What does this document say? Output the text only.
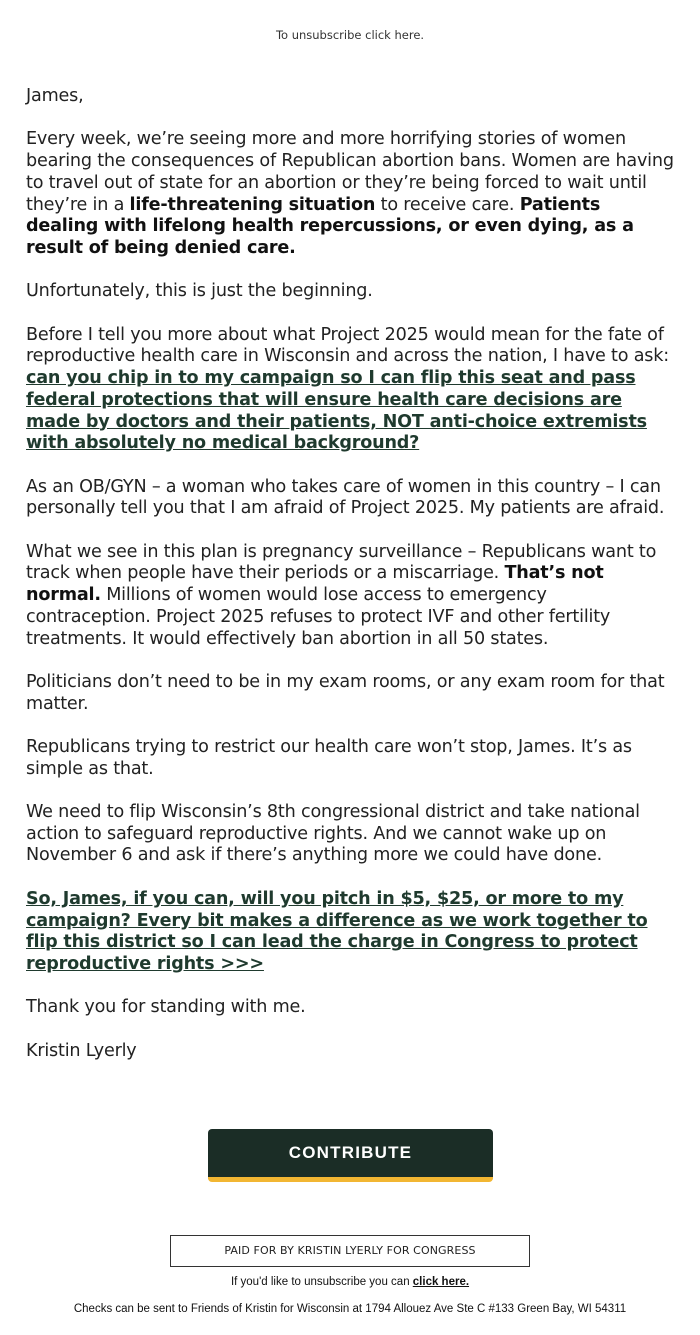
To unsubscribe click here.

James,

Every week, we’re seeing more and more horrifying stories of women bearing the consequences of Republican abortion bans. Women are having to travel out of state for an abortion or they’re being forced to wait until they’re in a life-threatening situation to receive care. Patients dealing with lifelong health repercussions, or even dying, as a result of being denied care.

Unfortunately, this is just the beginning.

Before I tell you more about what Project 2025 would mean for the fate of reproductive health care in Wisconsin and across the nation, I have to ask: can you chip in to my campaign so I can flip this seat and pass federal protections that will ensure health care decisions are made by doctors and their patients, NOT anti-choice extremists with absolutely no medical background?

As an OB/GYN – a woman who takes care of women in this country – I can personally tell you that I am afraid of Project 2025. My patients are afraid.

What we see in this plan is pregnancy surveillance – Republicans want to track when people have their periods or a miscarriage. That’s not normal. Millions of women would lose access to emergency contraception. Project 2025 refuses to protect IVF and other fertility treatments. It would effectively ban abortion in all 50 states.

Politicians don’t need to be in my exam rooms, or any exam room for that matter.

Republicans trying to restrict our health care won’t stop, James. It’s as simple as that.

We need to flip Wisconsin’s 8th congressional district and take national action to safeguard reproductive rights. And we cannot wake up on November 6 and ask if there’s anything more we could have done.

So, James, if you can, will you pitch in $5, $25, or more to my campaign? Every bit makes a difference as we work together to flip this district so I can lead the charge in Congress to protect reproductive rights >>>

Thank you for standing with me.

Kristin Lyerly

CONTRIBUTE
PAID FOR BY KRISTIN LYERLY FOR CONGRESS
If you'd like to unsubscribe you can click here.
Checks can be sent to Friends of Kristin for Wisconsin at 1794 Allouez Ave Ste C #133 Green Bay, WI 54311
